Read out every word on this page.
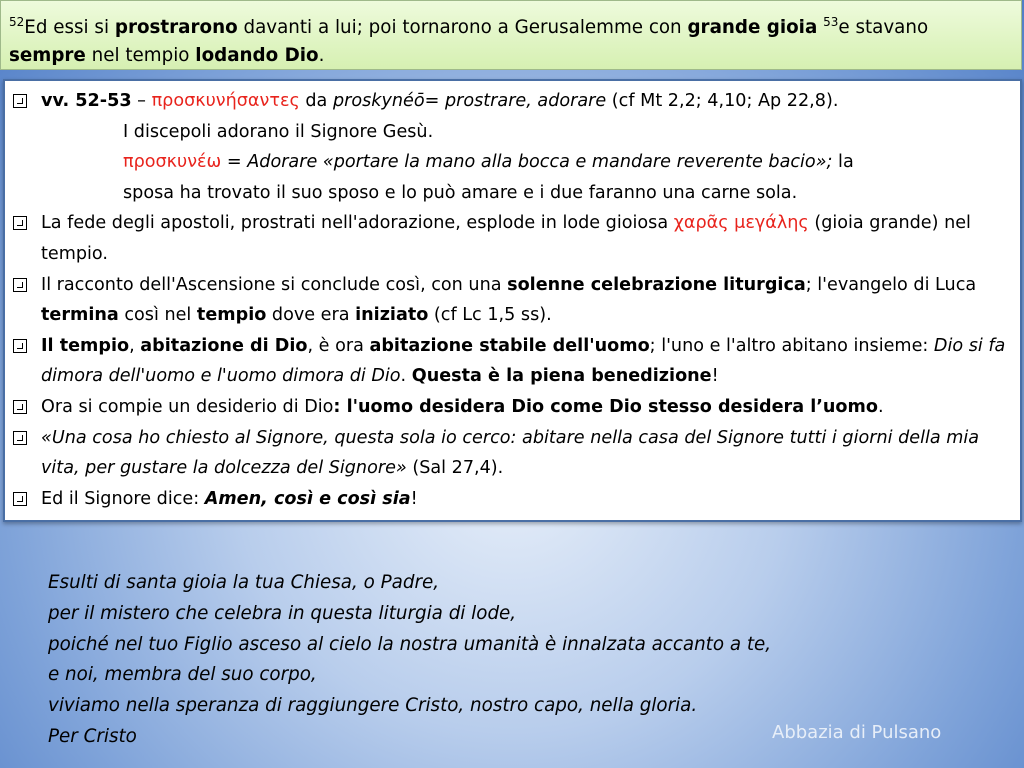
$^{52}$Ed essi si prostrarono davanti a lui; poi tornarono a Gerusalemme con grande gioia $^{53}$e stavano
sempre nel tempio lodando Dio.
vv. 52-53 – προσκυνήσαντες da proskynéō= prostrare, adorare (cf Mt 2,2; 4,10; Ap 22,8).
I discepoli adorano il Signore Gesù.
προσκυνέω = Adorare «portare la mano alla bocca e mandare reverente bacio»; la
sposa ha trovato il suo sposo e lo può amare e i due faranno una carne sola.
La fede degli apostoli, prostrati nell'adorazione, esplode in lode gioiosa χαρᾶς μεγάλης (gioia grande) nel tempio.
Il racconto dell'Ascensione si conclude così, con una solenne celebrazione liturgica; l'evangelo di Luca termina così nel tempio dove era iniziato (cf Lc 1,5 ss).
Il tempio, abitazione di Dio, è ora abitazione stabile dell'uomo; l'uno e l'altro abitano insieme: Dio si fa dimora dell'uomo e l'uomo dimora di Dio. Questa è la piena benedizione!
Ora si compie un desiderio di Dio: l'uomo desidera Dio come Dio stesso desidera l’uomo.
«Una cosa ho chiesto al Signore, questa sola io cerco: abitare nella casa del Signore tutti i giorni della mia vita, per gustare la dolcezza del Signore» (Sal 27,4).
Ed il Signore dice: Amen, così e così sia!
Esulti di santa gioia la tua Chiesa, o Padre,
per il mistero che celebra in questa liturgia di lode,
poiché nel tuo Figlio asceso al cielo la nostra umanità è innalzata accanto a te,
e noi, membra del suo corpo,
viviamo nella speranza di raggiungere Cristo, nostro capo, nella gloria.
Per Cristo	Abbazia di Pulsano
